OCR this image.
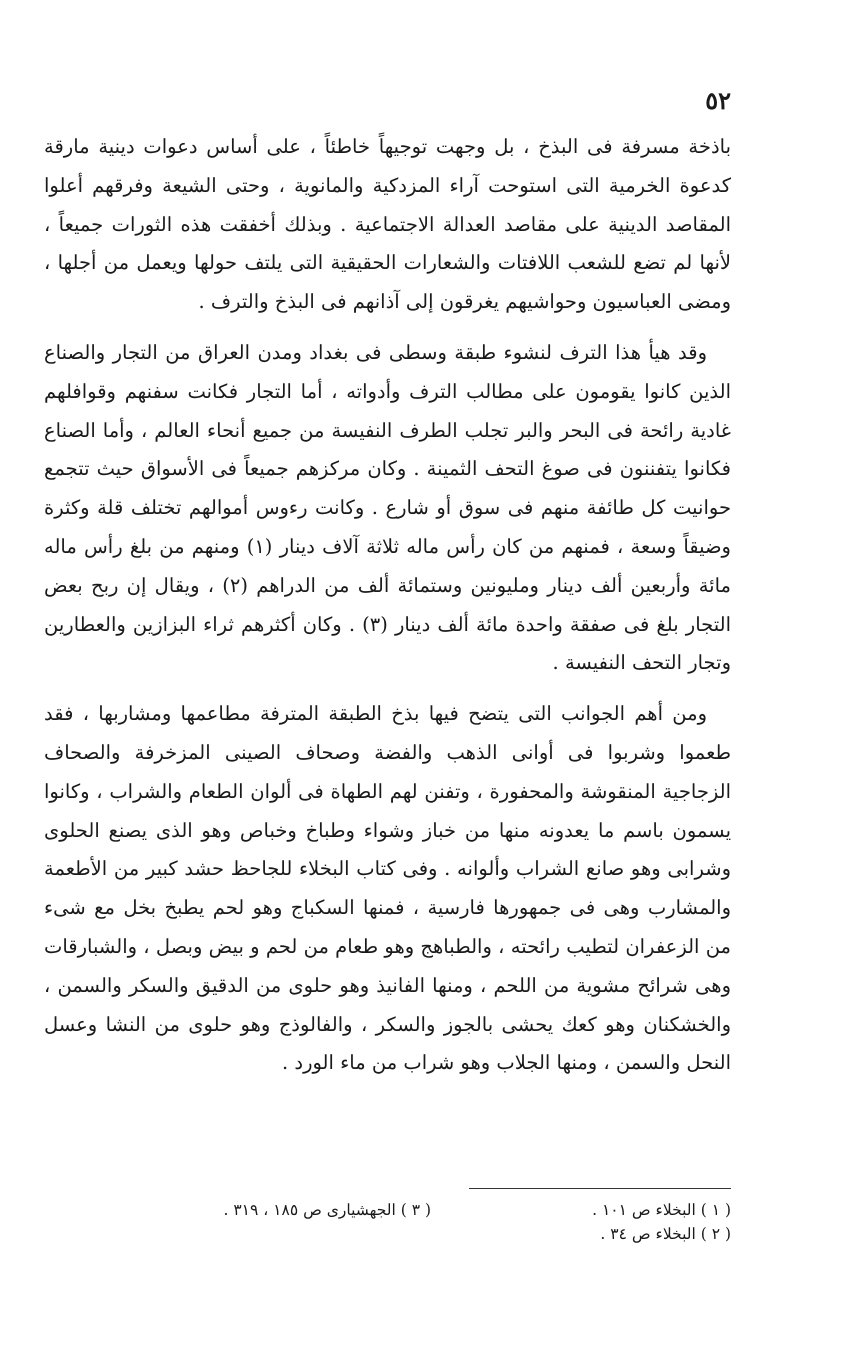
٥٢

باذخة مسرفة فى البذخ ، بل وجهت توجيهاً خاطئاً ، على أساس دعوات دينية مارقة كدعوة الخرمية التى استوحت آراء المزدكية والمانوية ، وحتى الشيعة وفرقهم أعلوا المقاصد الدينية على مقاصد العدالة الاجتماعية . وبذلك أخفقت هذه الثورات جميعاً ، لأنها لم تضع للشعب اللافتات والشعارات الحقيقية التى يلتف حولها ويعمل من أجلها ، ومضى العباسيون وحواشيهم يغرقون إلى آذانهم فى البذخ والترف .

وقد هيأ هذا الترف لنشوء طبقة وسطى فى بغداد ومدن العراق من التجار والصناع الذين كانوا يقومون على مطالب الترف وأدواته ، أما التجار فكانت سفنهم وقوافلهم غادية رائحة فى البحر والبر تجلب الطرف النفيسة من جميع أنحاء العالم ، وأما الصناع فكانوا يتفننون فى صوغ التحف الثمينة . وكان مركزهم جميعاً فى الأسواق حيث تتجمع حوانيت كل طائفة منهم فى سوق أو شارع . وكانت رءوس أموالهم تختلف قلة وكثرة وضيقاً وسعة ، فمنهم من كان رأس ماله ثلاثة آلاف دينار (١) ومنهم من بلغ رأس ماله مائة وأربعين ألف دينار ومليونين وستمائة ألف من الدراهم (٢) ، ويقال إن ربح بعض التجار بلغ فى صفقة واحدة مائة ألف دينار (٣) . وكان أكثرهم ثراء البزازين والعطارين وتجار التحف النفيسة .

ومن أهم الجوانب التى يتضح فيها بذخ الطبقة المترفة مطاعمها ومشاربها ، فقد طعموا وشربوا فى أوانى الذهب والفضة وصحاف الصينى المزخرفة والصحاف الزجاجية المنقوشة والمحفورة ، وتفنن لهم الطهاة فى ألوان الطعام والشراب ، وكانوا يسمون باسم ما يعدونه منها من خباز وشواء وطباخ وخباص وهو الذى يصنع الحلوى وشرابى وهو صانع الشراب وألوانه . وفى كتاب البخلاء للجاحظ حشد كبير من الأطعمة والمشارب وهى فى جمهورها فارسية ، فمنها السكباج وهو لحم يطبخ بخل مع شىء من الزعفران لتطيب رائحته ، والطباهج وهو طعام من لحم و بيض وبصل ، والشبارقات وهى شرائح مشوية من اللحم ، ومنها الفانيذ وهو حلوى من الدقيق والسكر والسمن ، والخشكنان وهو كعك يحشى بالجوز والسكر ، والفالوذج وهو حلوى من النشا وعسل النحل والسمن ، ومنها الجلاب وهو شراب من ماء الورد .

( ١ ) البخلاء ص ١٠١ .

( ٢ ) البخلاء ص ٣٤ .

( ٣ ) الجهشيارى ص ١٨٥ ، ٣١٩ .
